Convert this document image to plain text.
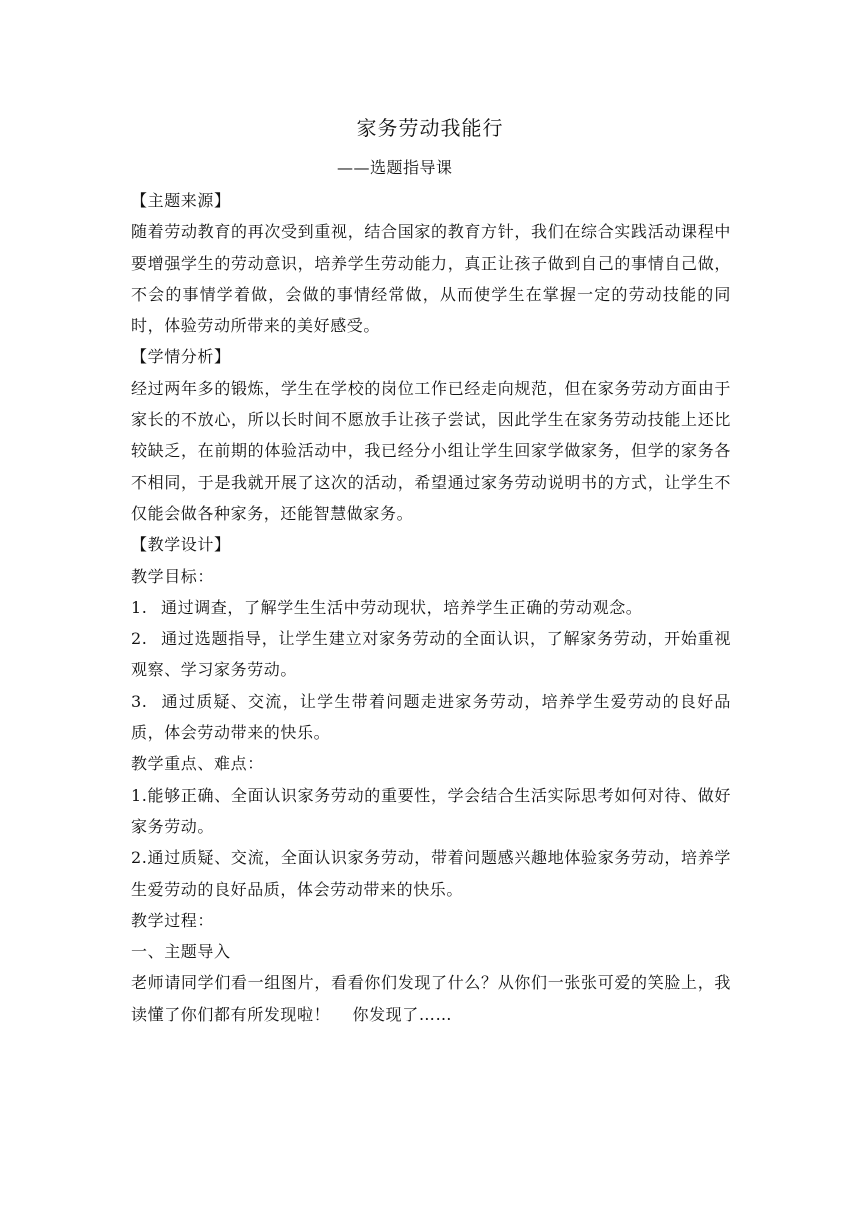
家务劳动我能行
——选题指导课

【主题来源】

随着劳动教育的再次受到重视，结合国家的教育方针，我们在综合实践活动课程中要增强学生的劳动意识，培养学生劳动能力，真正让孩子做到自己的事情自己做，不会的事情学着做，会做的事情经常做，从而使学生在掌握一定的劳动技能的同时，体验劳动所带来的美好感受。

【学情分析】

经过两年多的锻炼，学生在学校的岗位工作已经走向规范，但在家务劳动方面由于家长的不放心，所以长时间不愿放手让孩子尝试，因此学生在家务劳动技能上还比较缺乏，在前期的体验活动中，我已经分小组让学生回家学做家务，但学的家务各不相同，于是我就开展了这次的活动，希望通过家务劳动说明书的方式，让学生不仅能会做各种家务，还能智慧做家务。

【教学设计】

教学目标：

1. 通过调查，了解学生生活中劳动现状，培养学生正确的劳动观念。

2. 通过选题指导，让学生建立对家务劳动的全面认识，了解家务劳动，开始重视观察、学习家务劳动。

3. 通过质疑、交流，让学生带着问题走进家务劳动，培养学生爱劳动的良好品质，体会劳动带来的快乐。

教学重点、难点：

1.能够正确、全面认识家务劳动的重要性，学会结合生活实际思考如何对待、做好家务劳动。

2.通过质疑、交流，全面认识家务劳动，带着问题感兴趣地体验家务劳动，培养学生爱劳动的良好品质，体会劳动带来的快乐。

教学过程：

一、主题导入

老师请同学们看一组图片，看看你们发现了什么？从你们一张张可爱的笑脸上，我读懂了你们都有所发现啦！　 你发现了……
